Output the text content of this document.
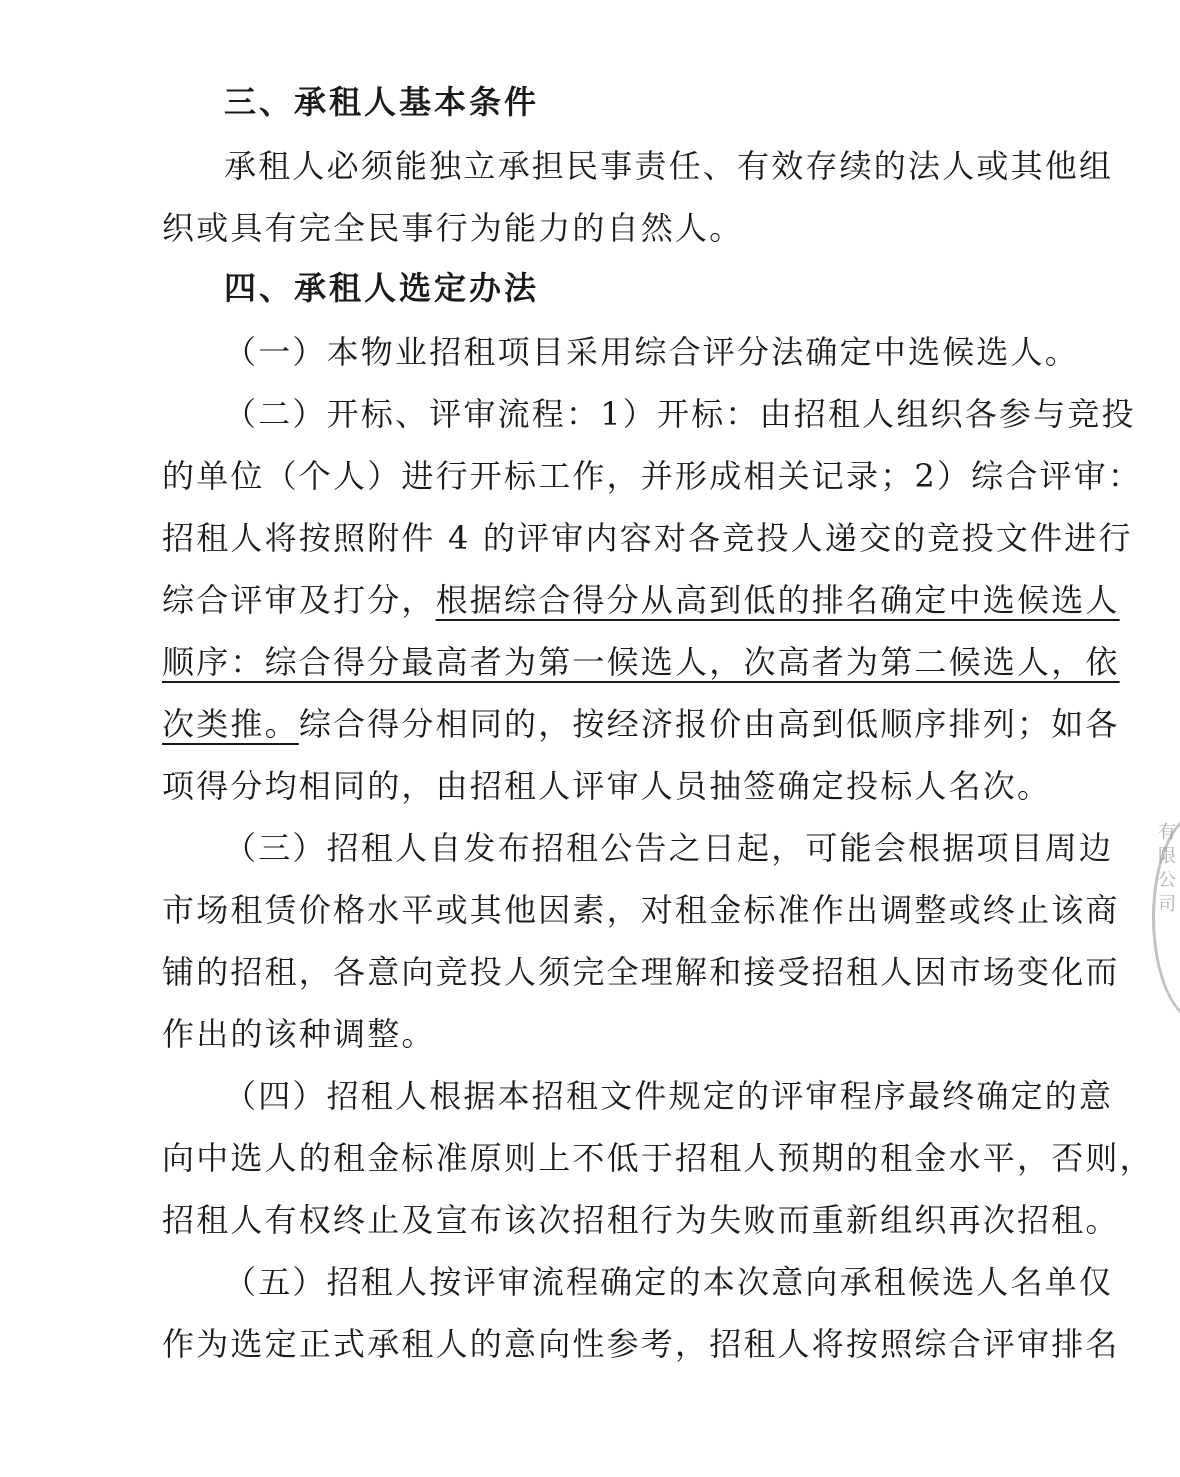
三、承租人基本条件
承租人必须能独立承担民事责任、有效存续的法人或其他组
织或具有完全民事行为能力的自然人。
四、承租人选定办法
（一）本物业招租项目采用综合评分法确定中选候选人。
（二）开标、评审流程：1）开标：由招租人组织各参与竞投
的单位（个人）进行开标工作，并形成相关记录；2）综合评审：
招租人将按照附件 4 的评审内容对各竞投人递交的竞投文件进行
综合评审及打分，根据综合得分从高到低的排名确定中选候选人
顺序：综合得分最高者为第一候选人，次高者为第二候选人，依
次类推。综合得分相同的，按经济报价由高到低顺序排列；如各
项得分均相同的，由招租人评审人员抽签确定投标人名次。
（三）招租人自发布招租公告之日起，可能会根据项目周边
市场租赁价格水平或其他因素，对租金标准作出调整或终止该商
铺的招租，各意向竞投人须完全理解和接受招租人因市场变化而
作出的该种调整。
（四）招租人根据本招租文件规定的评审程序最终确定的意
向中选人的租金标准原则上不低于招租人预期的租金水平，否则，
招租人有权终止及宣布该次招租行为失败而重新组织再次招租。
（五）招租人按评审流程确定的本次意向承租候选人名单仅
作为选定正式承租人的意向性参考，招租人将按照综合评审排名
有限公司
